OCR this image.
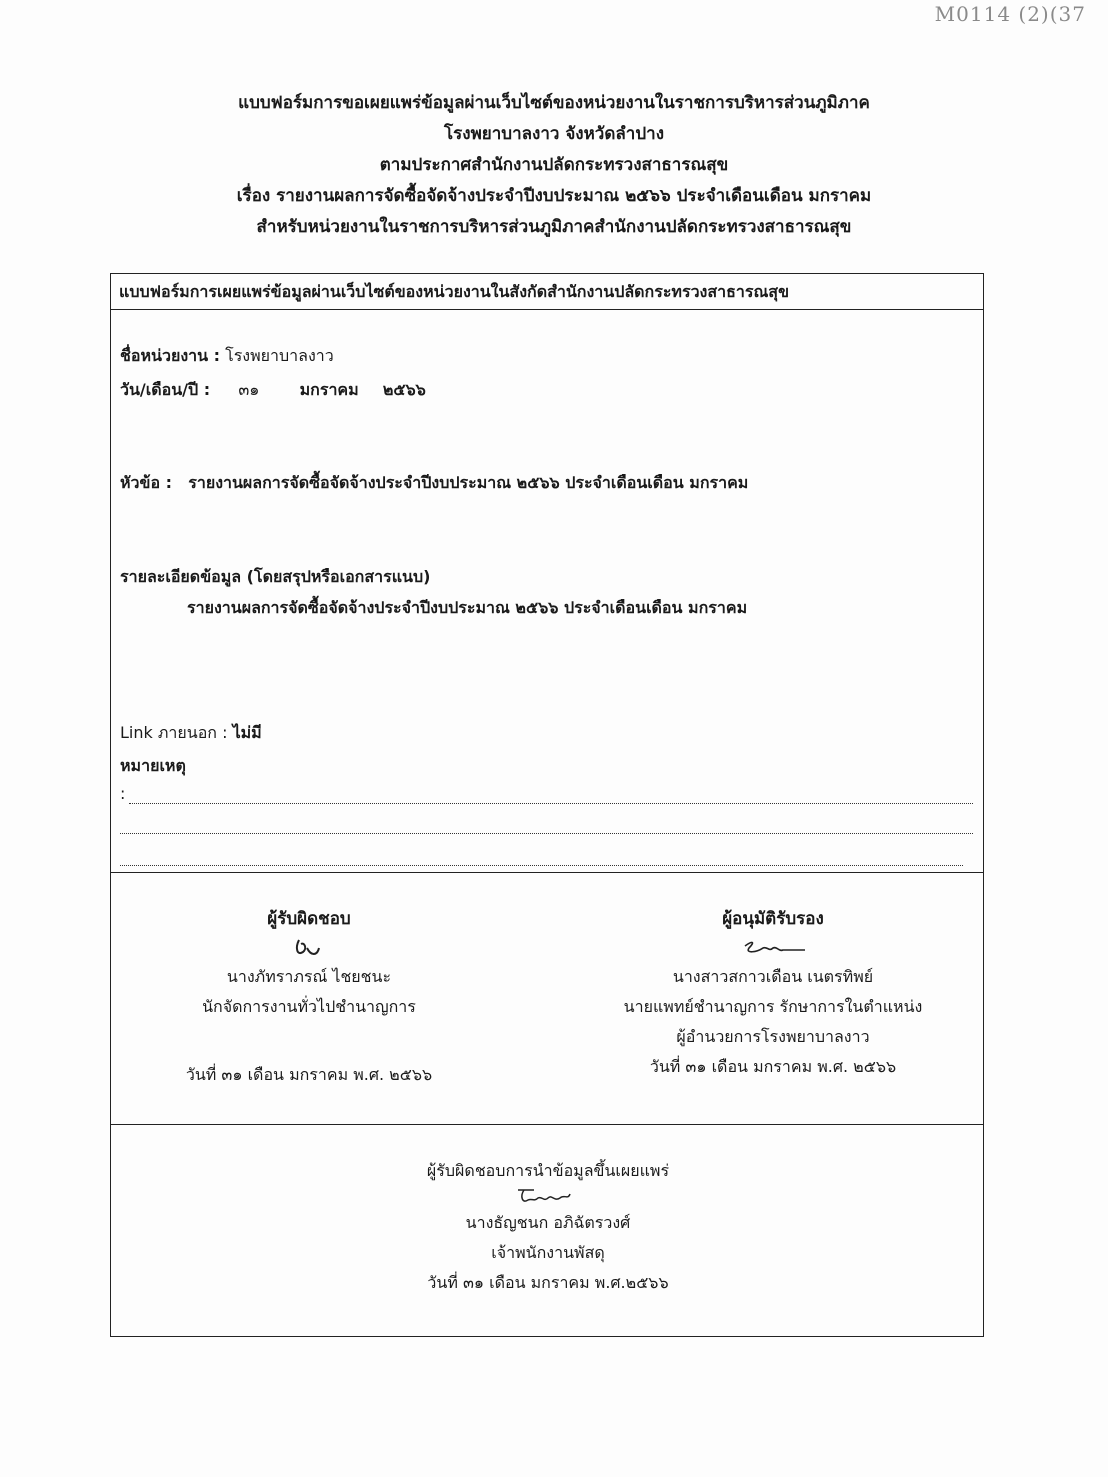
M0114 (2)(37
แบบฟอร์มการขอเผยแพร่ข้อมูลผ่านเว็บไซต์ของหน่วยงานในราชการบริหารส่วนภูมิภาค
โรงพยาบาลงาว จังหวัดลำปาง
ตามประกาศสำนักงานปลัดกระทรวงสาธารณสุข
เรื่อง รายงานผลการจัดซื้อจัดจ้างประจำปีงบประมาณ ๒๕๖๖ ประจำเดือนเดือน มกราคม
สำหรับหน่วยงานในราชการบริหารส่วนภูมิภาคสำนักงานปลัดกระทรวงสาธารณสุข
แบบฟอร์มการเผยแพร่ข้อมูลผ่านเว็บไซต์ของหน่วยงานในสังกัดสำนักงานปลัดกระทรวงสาธารณสุข
ชื่อหน่วยงาน : โรงพยาบาลงาว
วัน/เดือน/ปี : ๓๑	มกราคม ๒๕๖๖
หัวข้อ : รายงานผลการจัดซื้อจัดจ้างประจำปีงบประมาณ ๒๕๖๖ ประจำเดือนเดือน มกราคม
รายละเอียดข้อมูล (โดยสรุปหรือเอกสารแนบ)
รายงานผลการจัดซื้อจัดจ้างประจำปีงบประมาณ ๒๕๖๖ ประจำเดือนเดือน มกราคม
Link ภายนอก : ไม่มี
หมายเหตุ
:
ผู้รับผิดชอบ
นางภัทราภรณ์ ไชยชนะ
นักจัดการงานทั่วไปชำนาญการ
วันที่ ๓๑ เดือน มกราคม พ.ศ. ๒๕๖๖
ผู้อนุมัติรับรอง
นางสาวสกาวเดือน เนตรทิพย์
นายแพทย์ชำนาญการ รักษาการในตำแหน่ง
ผู้อำนวยการโรงพยาบาลงาว
วันที่ ๓๑ เดือน มกราคม พ.ศ. ๒๕๖๖
ผู้รับผิดชอบการนำข้อมูลขึ้นเผยแพร่
นางธัญชนก อภิฉัตรวงศ์
เจ้าพนักงานพัสดุ
วันที่ ๓๑ เดือน มกราคม พ.ศ.๒๕๖๖
